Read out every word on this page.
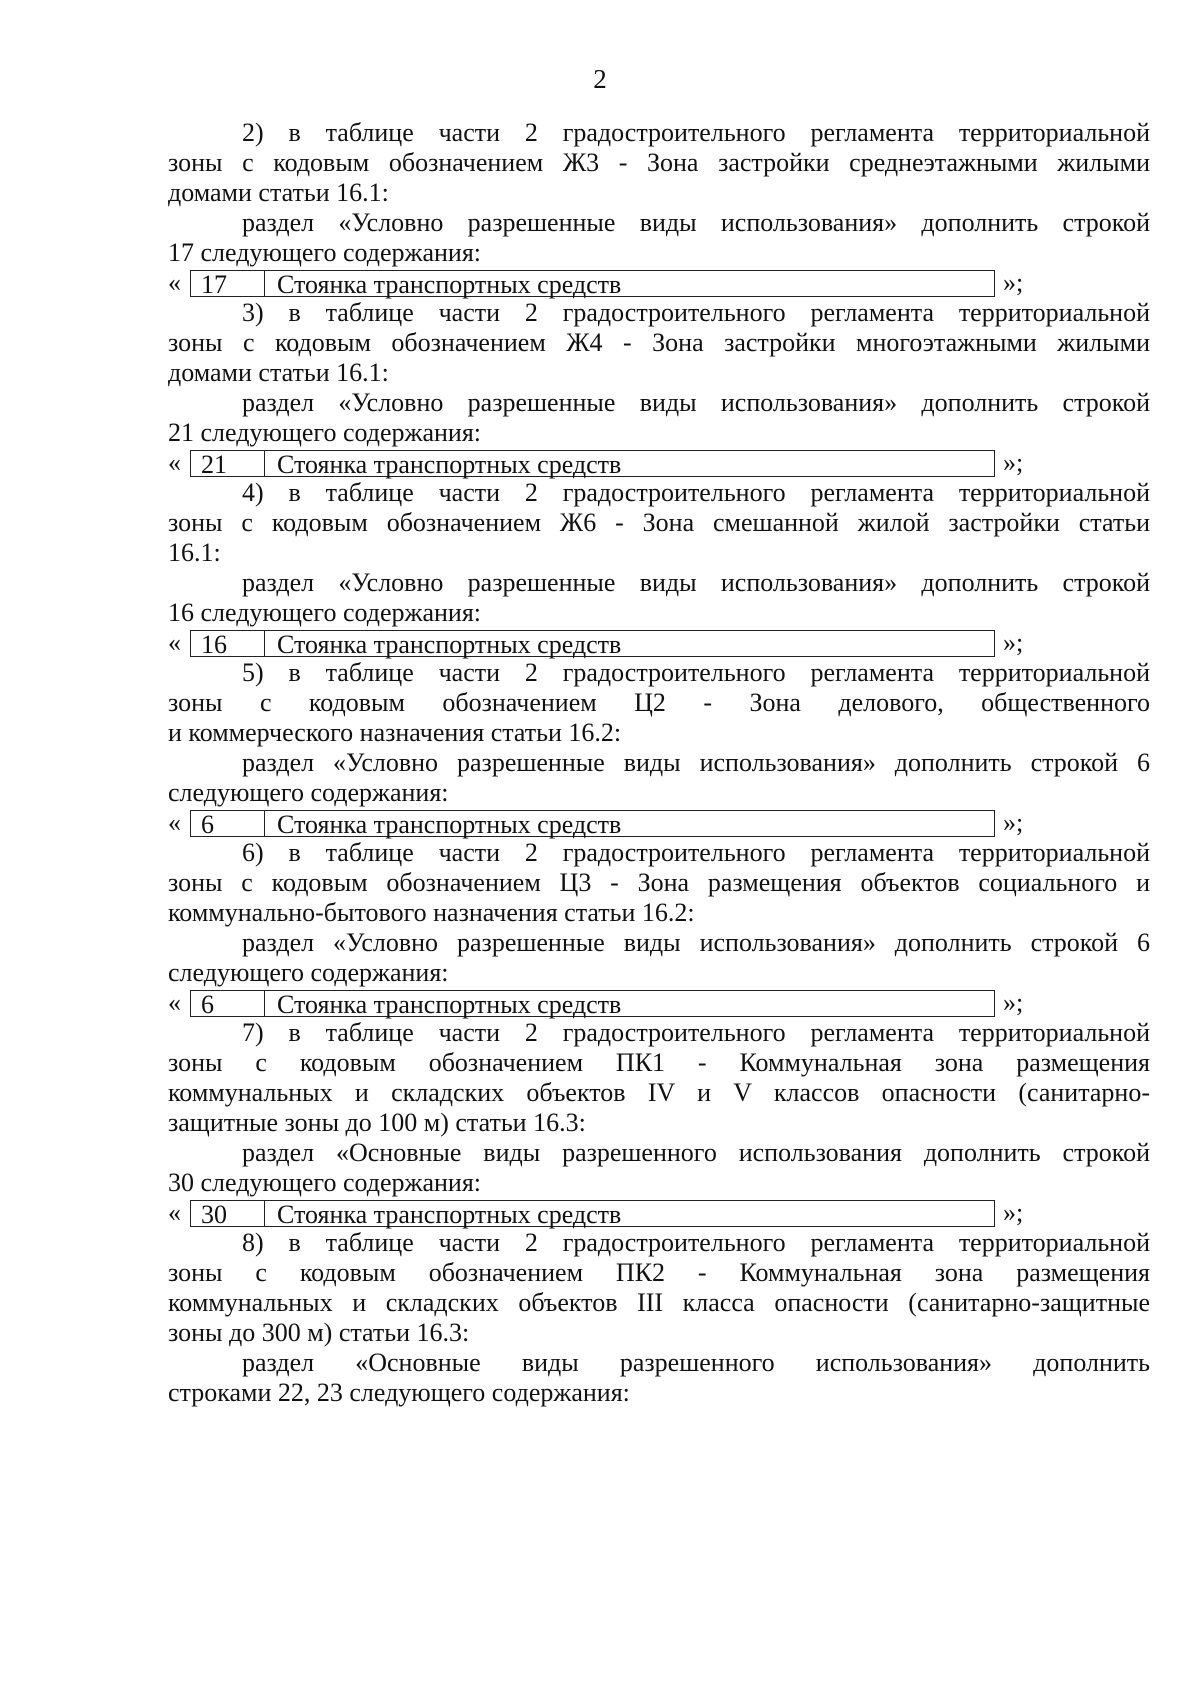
2
2) в таблице части 2 градостроительного регламента территориальной
зоны с кодовым обозначением Ж3 - Зона застройки среднеэтажными жилыми
домами статьи 16.1:
раздел «Условно разрешенные виды использования» дополнить строкой
17 следующего содержания:
« 17	Стоянка транспортных средств	»;
3) в таблице части 2 градостроительного регламента территориальной
зоны с кодовым обозначением Ж4 - Зона застройки многоэтажными жилыми
домами статьи 16.1:
раздел «Условно разрешенные виды использования» дополнить строкой
21 следующего содержания:
« 21	Стоянка транспортных средств	»;
4) в таблице части 2 градостроительного регламента территориальной
зоны с кодовым обозначением Ж6 - Зона смешанной жилой застройки статьи
16.1:
раздел «Условно разрешенные виды использования» дополнить строкой
16 следующего содержания:
« 16	Стоянка транспортных средств	»;
5) в таблице части 2 градостроительного регламента территориальной
зоны с кодовым обозначением Ц2 - Зона делового, общественного
и коммерческого назначения статьи 16.2:
раздел «Условно разрешенные виды использования» дополнить строкой 6
следующего содержания:
« 6	Стоянка транспортных средств	»;
6) в таблице части 2 градостроительного регламента территориальной
зоны с кодовым обозначением Ц3 - Зона размещения объектов социального и
коммунально-бытового назначения статьи 16.2:
раздел «Условно разрешенные виды использования» дополнить строкой 6
следующего содержания:
« 6	Стоянка транспортных средств	»;
7) в таблице части 2 градостроительного регламента территориальной
зоны с кодовым обозначением ПК1 - Коммунальная зона размещения
коммунальных и складских объектов IV и V классов опасности (санитарно-
защитные зоны до 100 м) статьи 16.3:
раздел «Основные виды разрешенного использования дополнить строкой
30 следующего содержания:
« 30	Стоянка транспортных средств	»;
8) в таблице части 2 градостроительного регламента территориальной
зоны с кодовым обозначением ПК2 - Коммунальная зона размещения
коммунальных и складских объектов III класса опасности (санитарно-защитные
зоны до 300 м) статьи 16.3:
раздел «Основные виды разрешенного использования» дополнить
строками 22, 23 следующего содержания:
